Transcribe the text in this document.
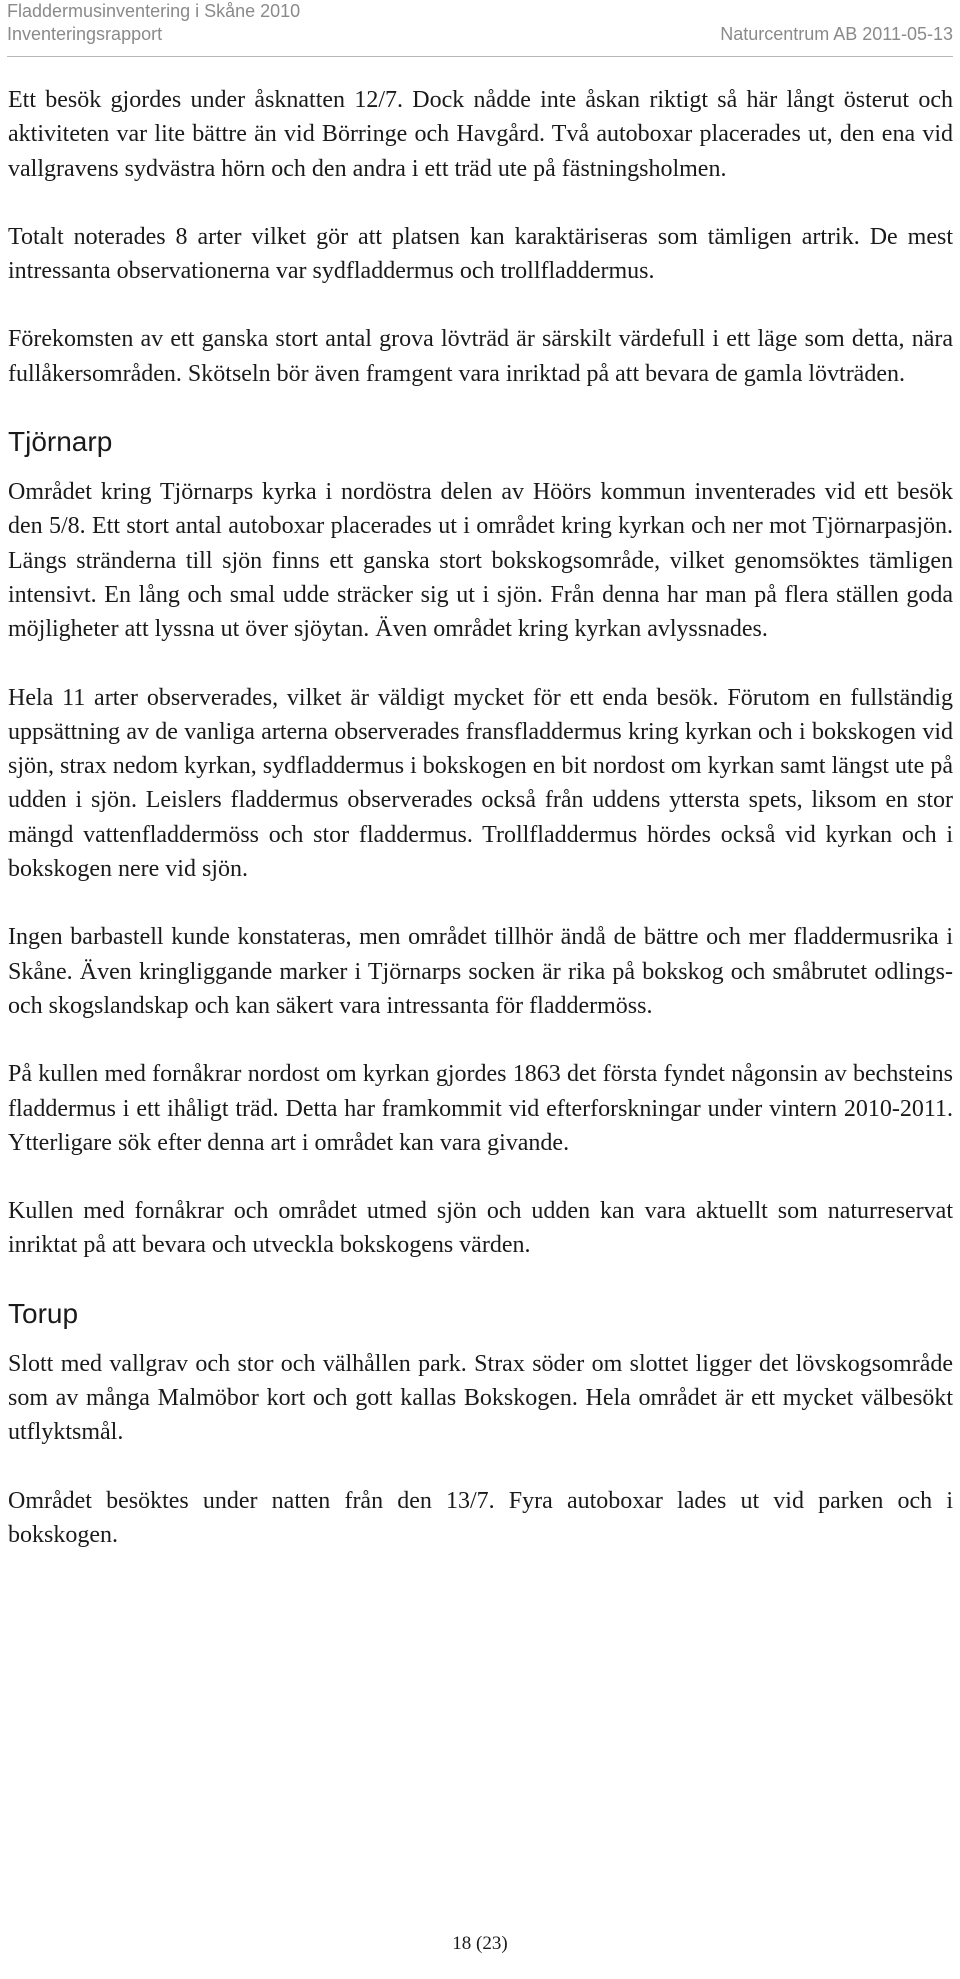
Fladdermusinventering i Skåne 2010
Inventeringsrapport	Naturcentrum AB 2011-05-13

Ett besök gjordes under åsknatten 12/7. Dock nådde inte åskan riktigt så här långt österut och aktiviteten var lite bättre än vid Börringe och Havgård. Två autoboxar placerades ut, den ena vid vallgravens sydvästra hörn och den andra i ett träd ute på fästningsholmen.

Totalt noterades 8 arter vilket gör att platsen kan karaktäriseras som tämligen artrik. De mest intressanta observationerna var sydfladdermus och trollfladdermus.

Förekomsten av ett ganska stort antal grova lövträd är särskilt värdefull i ett läge som detta, nära fullåkersområden. Skötseln bör även framgent vara inriktad på att bevara de gamla lövträden.

Tjörnarp

Området kring Tjörnarps kyrka i nordöstra delen av Höörs kommun inventerades vid ett besök den 5/8. Ett stort antal autoboxar placerades ut i området kring kyrkan och ner mot Tjörnarpasjön. Längs stränderna till sjön finns ett ganska stort bokskogsområde, vilket genomsöktes tämligen intensivt. En lång och smal udde sträcker sig ut i sjön. Från denna har man på flera ställen goda möjligheter att lyssna ut över sjöytan. Även området kring kyrkan avlyssnades.

Hela 11 arter observerades, vilket är väldigt mycket för ett enda besök. Förutom en fullständig uppsättning av de vanliga arterna observerades fransfladdermus kring kyrkan och i bokskogen vid sjön, strax nedom kyrkan, sydfladdermus i bokskogen en bit nordost om kyrkan samt längst ute på udden i sjön. Leislers fladdermus observerades också från uddens yttersta spets, liksom en stor mängd vattenfladdermöss och stor fladdermus. Trollfladdermus hördes också vid kyrkan och i bokskogen nere vid sjön.

Ingen barbastell kunde konstateras, men området tillhör ändå de bättre och mer fladdermusrika i Skåne. Även kringliggande marker i Tjörnarps socken är rika på bokskog och småbrutet odlings- och skogslandskap och kan säkert vara intressanta för fladdermöss.

På kullen med fornåkrar nordost om kyrkan gjordes 1863 det första fyndet någonsin av bechsteins fladdermus i ett ihåligt träd. Detta har framkommit vid efterforskningar under vintern 2010-2011. Ytterligare sök efter denna art i området kan vara givande.

Kullen med fornåkrar och området utmed sjön och udden kan vara aktuellt som naturreservat inriktat på att bevara och utveckla bokskogens värden.

Torup

Slott med vallgrav och stor och välhållen park. Strax söder om slottet ligger det lövskogsområde som av många Malmöbor kort och gott kallas Bokskogen. Hela området är ett mycket välbesökt utflyktsmål.

Området besöktes under natten från den 13/7. Fyra autoboxar lades ut vid parken och i bokskogen.

18 (23)
